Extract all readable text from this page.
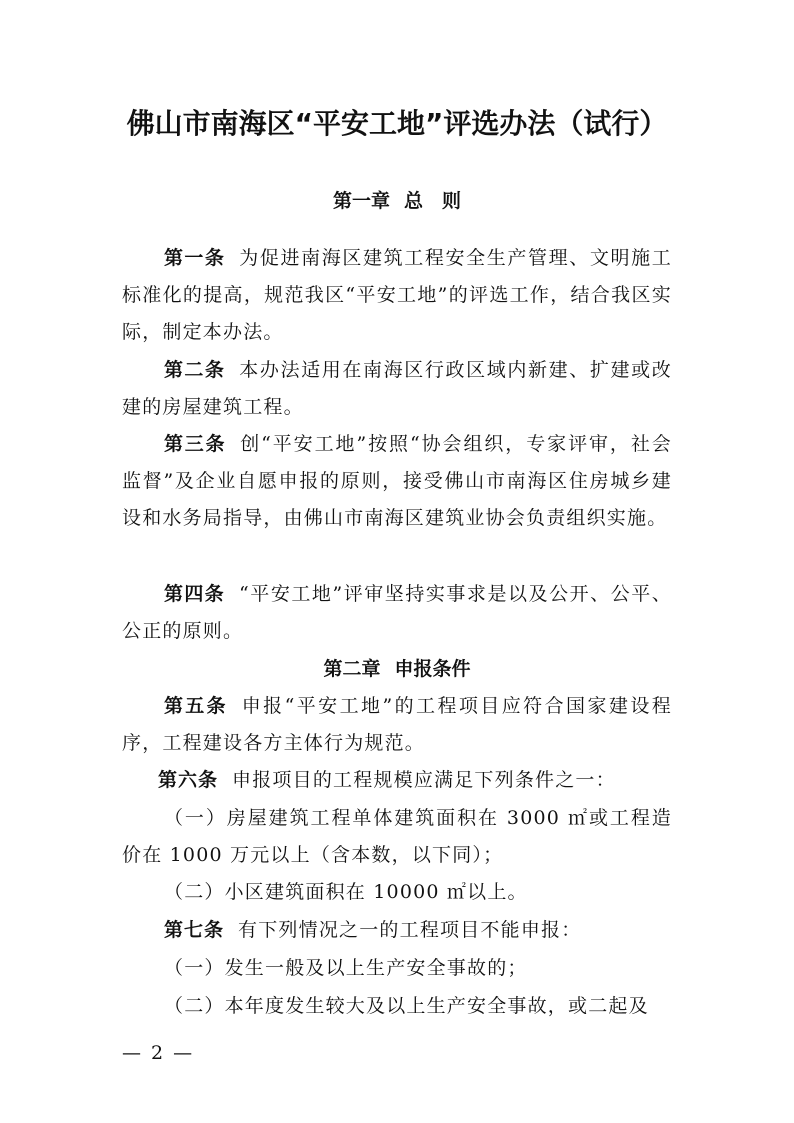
佛山市南海区“平安工地”评选办法（试行）
第一章 总　则

第一条 为促进南海区建筑工程安全生产管理、文明施工标准化的提高，规范我区“平安工地”的评选工作，结合我区实际，制定本办法。

第二条 本办法适用在南海区行政区域内新建、扩建或改建的房屋建筑工程。

第三条 创“平安工地”按照“协会组织，专家评审，社会监督”及企业自愿申报的原则，接受佛山市南海区住房城乡建设和水务局指导，由佛山市南海区建筑业协会负责组织实施。

第四条 “平安工地”评审坚持实事求是以及公开、公平、公正的原则。

第二章 申报条件

第五条 申报“平安工地”的工程项目应符合国家建设程序，工程建设各方主体行为规范。

第六条 申报项目的工程规模应满足下列条件之一：

（一）房屋建筑工程单体建筑面积在 3000 ㎡或工程造价在 1000 万元以上（含本数，以下同）；

（二）小区建筑面积在 10000 ㎡以上。

第七条 有下列情况之一的工程项目不能申报：

（一）发生一般及以上生产安全事故的；

（二）本年度发生较大及以上生产安全事故，或二起及

— 2 —
